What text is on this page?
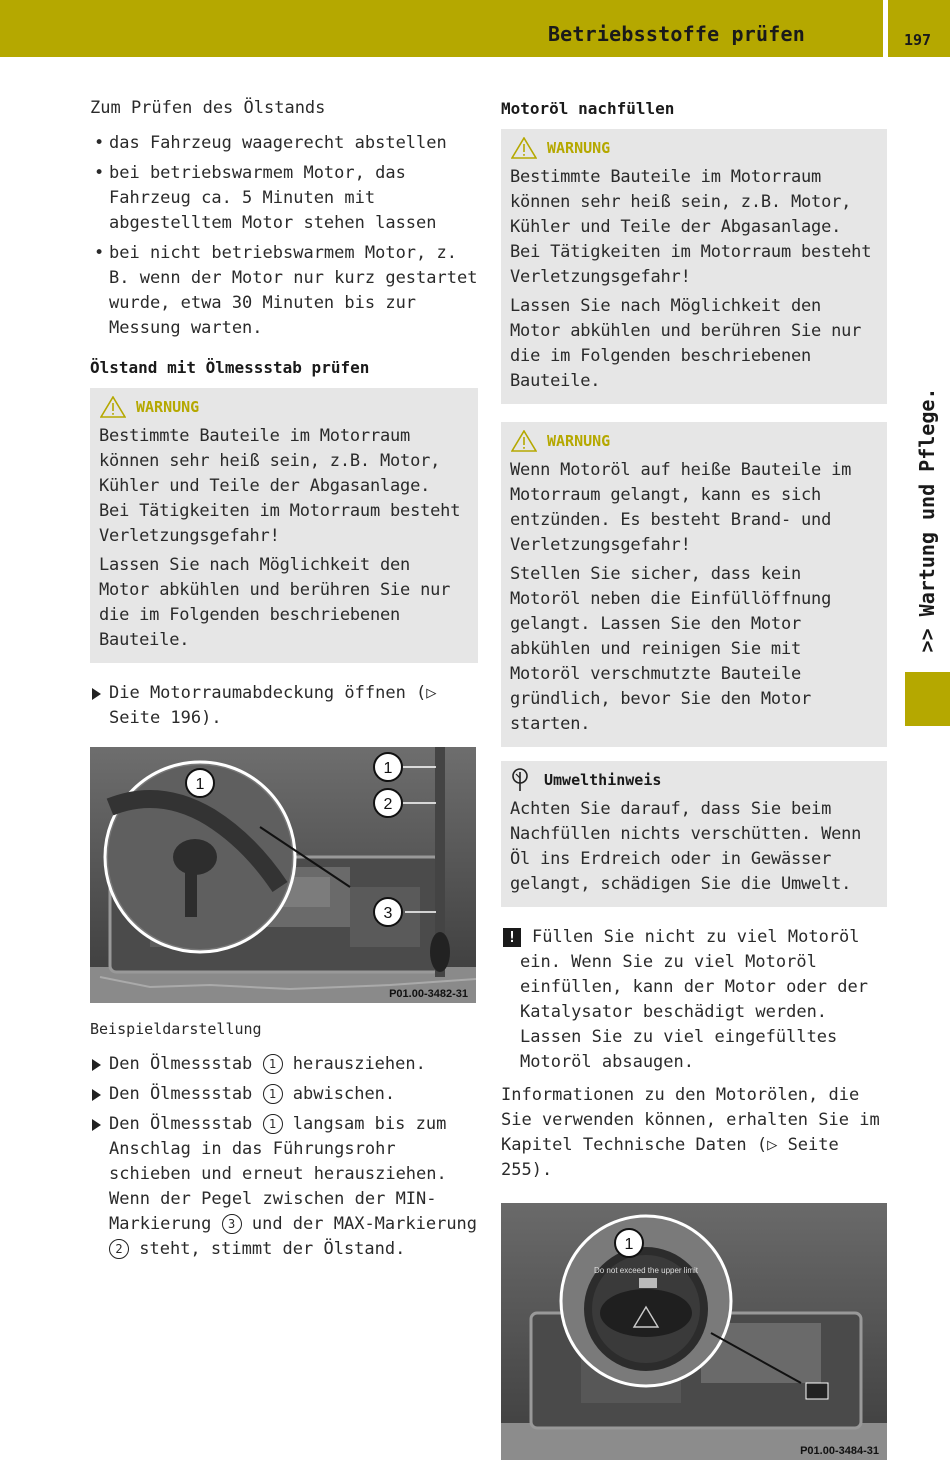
Betriebsstoffe prüfen	197
>> Wartung und Pflege.

Zum Prüfen des Ölstands

• das Fahrzeug waagerecht abstellen
• bei betriebswarmem Motor, das Fahrzeug ca. 5 Minuten mit abgestelltem Motor stehen lassen
• bei nicht betriebswarmem Motor, z. B. wenn der Motor nur kurz gestartet wurde, etwa 30 Minuten bis zur Messung warten.
Ölstand mit Ölmessstab prüfen
WARNUNG

Bestimmte Bauteile im Motorraum können sehr heiß sein, z.B. Motor, Kühler und Teile der Abgasanlage. Bei Tätigkeiten im Motorraum besteht Verletzungsgefahr!

Lassen Sie nach Möglichkeit den Motor abkühlen und berühren Sie nur die im Folgenden beschriebenen Bauteile.

Die Motorraumabdeckung öffnen (▷ Seite 196).
1
1
2
3
P01.00-3482-31

Beispieldarstellung

Den Ölmessstab 1 herausziehen.
Den Ölmessstab 1 abwischen.
Den Ölmessstab 1 langsam bis zum Anschlag in das Führungsrohr schieben und erneut herausziehen.
Wenn der Pegel zwischen der MIN-Markierung 3 und der MAX-Markierung 2 steht, stimmt der Ölstand.
Motoröl nachfüllen
WARNUNG

Bestimmte Bauteile im Motorraum können sehr heiß sein, z.B. Motor, Kühler und Teile der Abgasanlage. Bei Tätigkeiten im Motorraum besteht Verletzungsgefahr!

Lassen Sie nach Möglichkeit den Motor abkühlen und berühren Sie nur die im Folgenden beschriebenen Bauteile.

WARNUNG

Wenn Motoröl auf heiße Bauteile im Motorraum gelangt, kann es sich entzünden. Es besteht Brand- und Verletzungsgefahr!

Stellen Sie sicher, dass kein Motoröl neben die Einfüllöffnung gelangt. Lassen Sie den Motor abkühlen und reinigen Sie mit Motoröl verschmutzte Bauteile gründlich, bevor Sie den Motor starten.

Umwelthinweis

Achten Sie darauf, dass Sie beim Nachfüllen nichts verschütten. Wenn Öl ins Erdreich oder in Gewässer gelangt, schädigen Sie die Umwelt.

! Füllen Sie nicht zu viel Motoröl ein. Wenn Sie zu viel Motoröl einfüllen, kann der Motor oder der Katalysator beschädigt werden. Lassen Sie zu viel eingefülltes Motoröl absaugen.

Informationen zu den Motorölen, die Sie verwenden können, erhalten Sie im Kapitel Technische Daten (▷ Seite 255).

1
Do not exceed the upper limit
P01.00-3484-31
